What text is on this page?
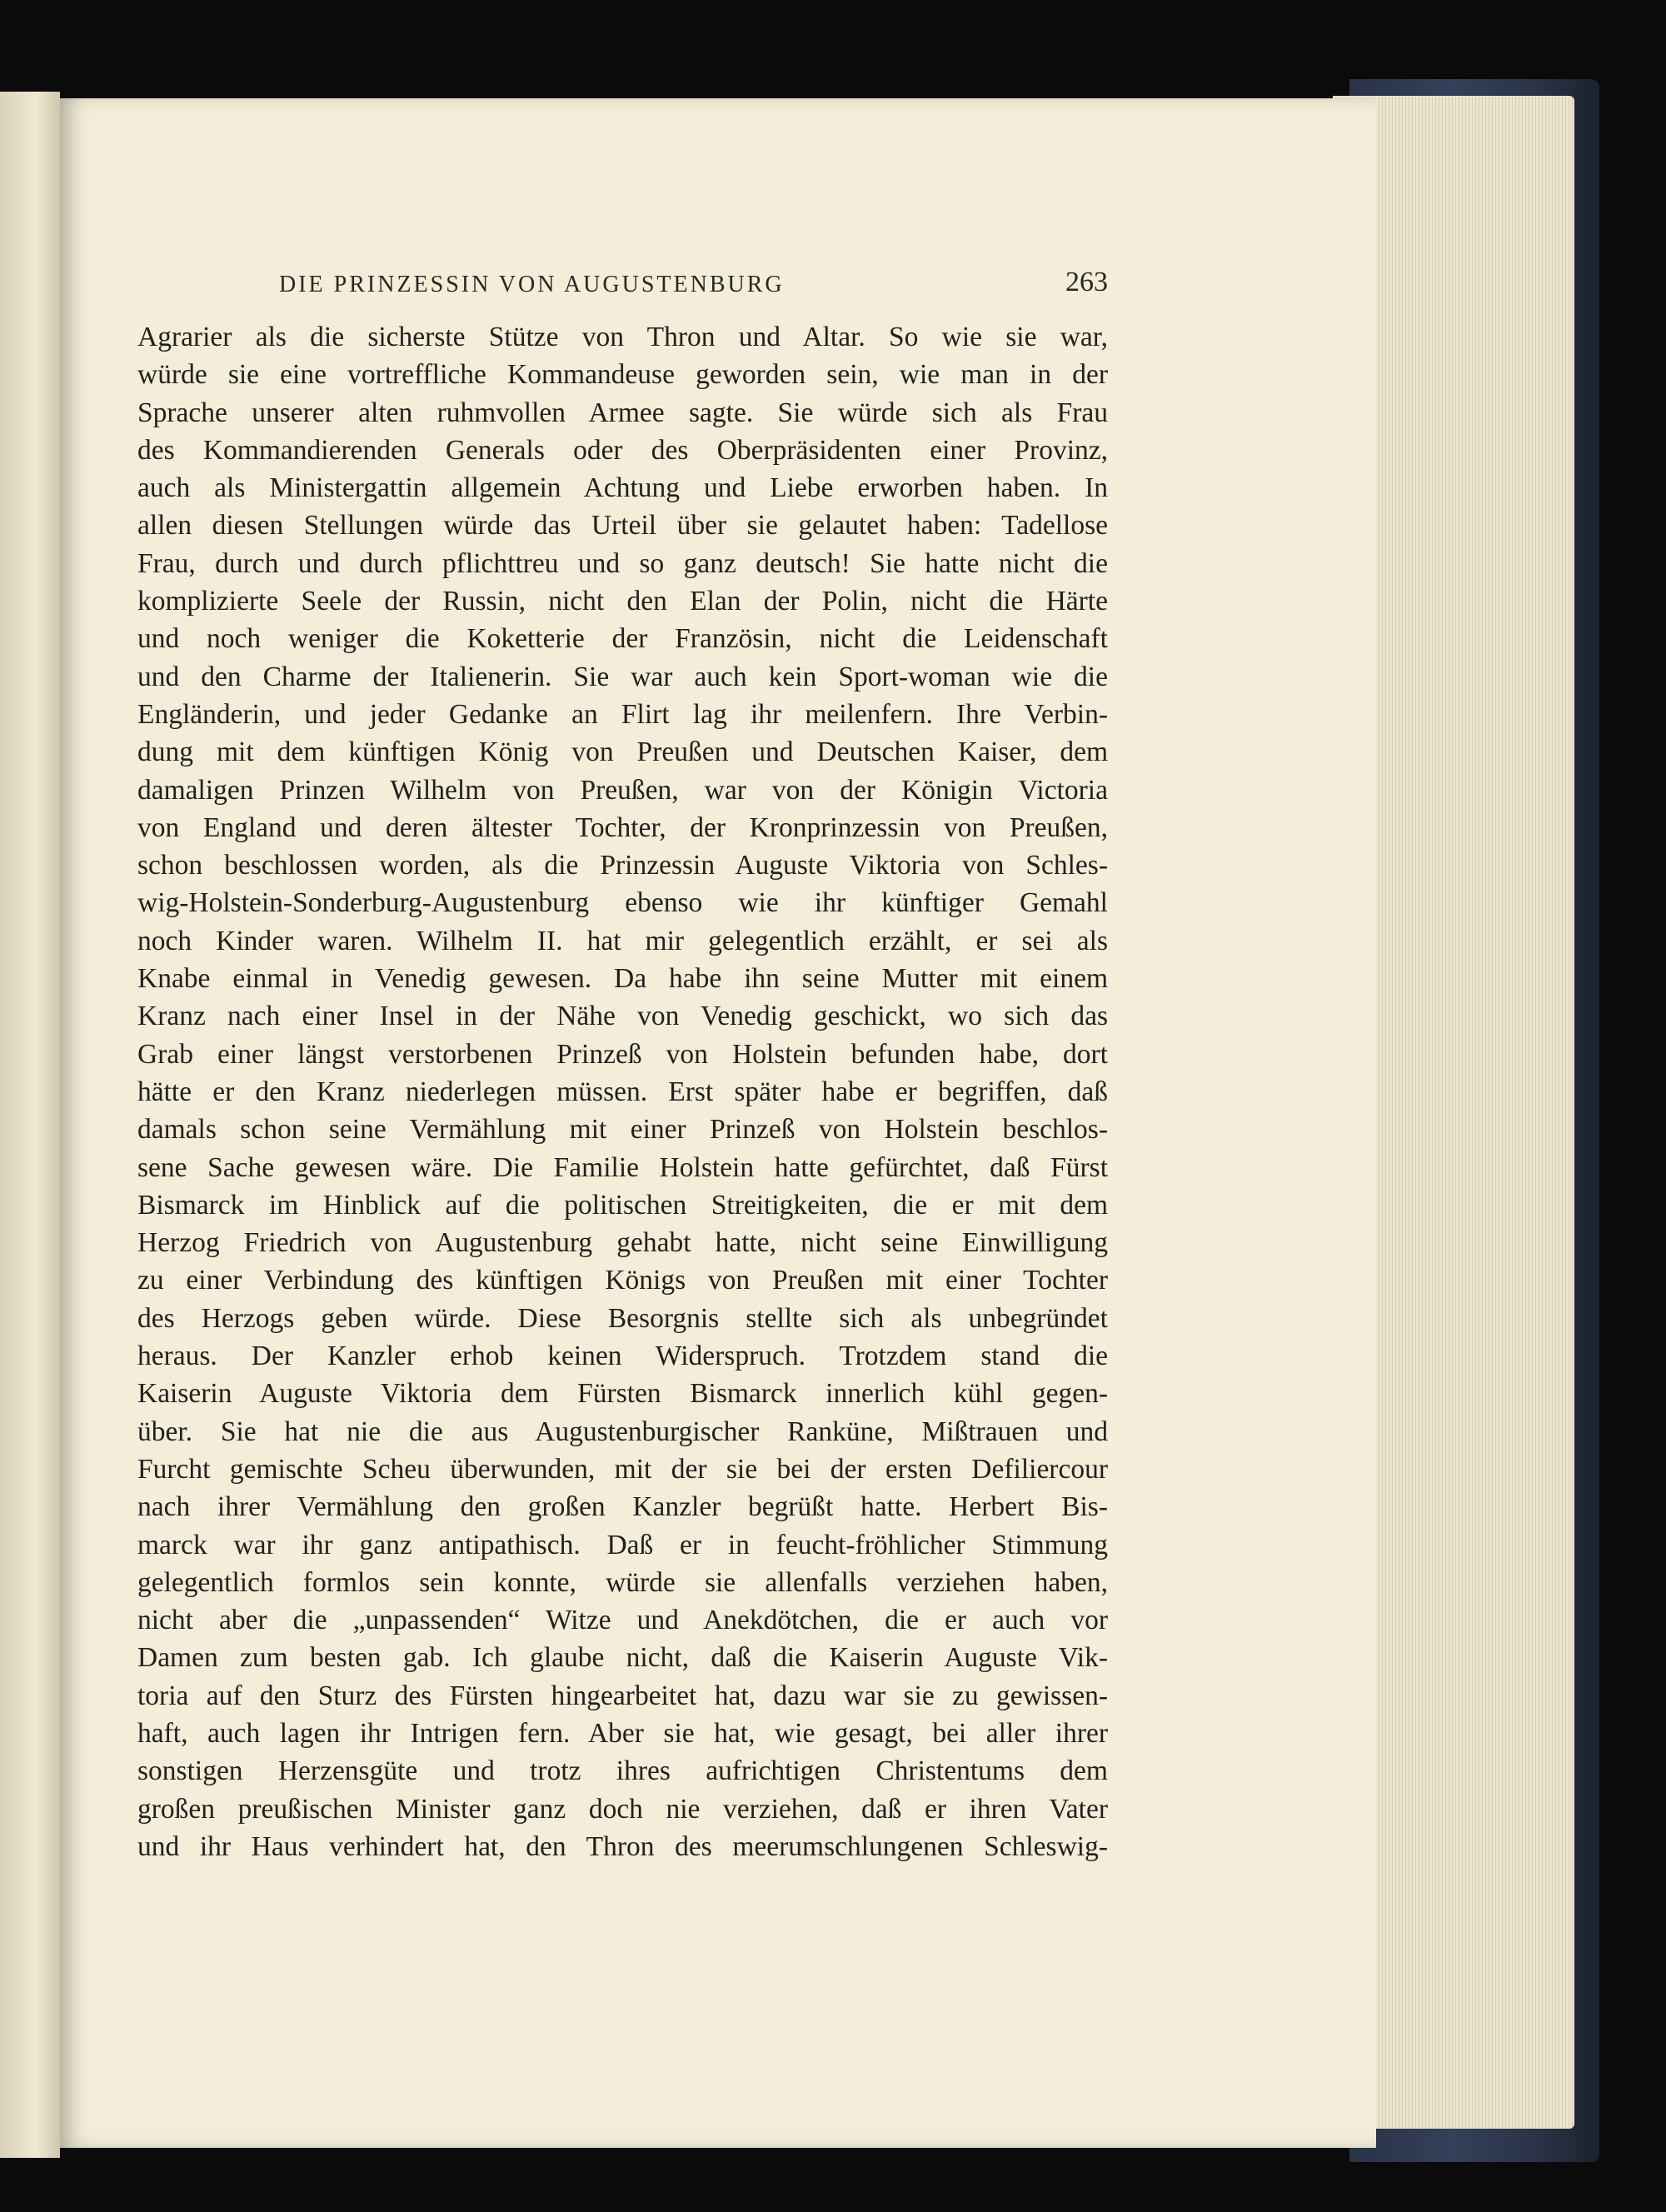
DIE PRINZESSIN VON AUGUSTENBURG	263
Agrarier als die sicherste Stütze von Thron und Altar. So wie sie war,
würde sie eine vortreffliche Kommandeuse geworden sein, wie man in der
Sprache unserer alten ruhmvollen Armee sagte. Sie würde sich als Frau
des Kommandierenden Generals oder des Oberpräsidenten einer Provinz,
auch als Ministergattin allgemein Achtung und Liebe erworben haben. In
allen diesen Stellungen würde das Urteil über sie gelautet haben: Tadellose
Frau, durch und durch pflichttreu und so ganz deutsch! Sie hatte nicht die
komplizierte Seele der Russin, nicht den Elan der Polin, nicht die Härte
und noch weniger die Koketterie der Französin, nicht die Leidenschaft
und den Charme der Italienerin. Sie war auch kein Sport-woman wie die
Engländerin, und jeder Gedanke an Flirt lag ihr meilenfern. Ihre Verbin-
dung mit dem künftigen König von Preußen und Deutschen Kaiser, dem
damaligen Prinzen Wilhelm von Preußen, war von der Königin Victoria
von England und deren ältester Tochter, der Kronprinzessin von Preußen,
schon beschlossen worden, als die Prinzessin Auguste Viktoria von Schles-
wig-Holstein-Sonderburg-Augustenburg ebenso wie ihr künftiger Gemahl
noch Kinder waren. Wilhelm II. hat mir gelegentlich erzählt, er sei als
Knabe einmal in Venedig gewesen. Da habe ihn seine Mutter mit einem
Kranz nach einer Insel in der Nähe von Venedig geschickt, wo sich das
Grab einer längst verstorbenen Prinzeß von Holstein befunden habe, dort
hätte er den Kranz niederlegen müssen. Erst später habe er begriffen, daß
damals schon seine Vermählung mit einer Prinzeß von Holstein beschlos-
sene Sache gewesen wäre. Die Familie Holstein hatte gefürchtet, daß Fürst
Bismarck im Hinblick auf die politischen Streitigkeiten, die er mit dem
Herzog Friedrich von Augustenburg gehabt hatte, nicht seine Einwilligung
zu einer Verbindung des künftigen Königs von Preußen mit einer Tochter
des Herzogs geben würde. Diese Besorgnis stellte sich als unbegründet
heraus. Der Kanzler erhob keinen Widerspruch. Trotzdem stand die
Kaiserin Auguste Viktoria dem Fürsten Bismarck innerlich kühl gegen-
über. Sie hat nie die aus Augustenburgischer Rankünе, Mißtrauen und
Furcht gemischte Scheu überwunden, mit der sie bei der ersten Defiliercour
nach ihrer Vermählung den großen Kanzler begrüßt hatte. Herbert Bis-
marck war ihr ganz antipathisch. Daß er in feucht-fröhlicher Stimmung
gelegentlich formlos sein konnte, würde sie allenfalls verziehen haben,
nicht aber die „unpassenden“ Witze und Anekdötchen, die er auch vor
Damen zum besten gab. Ich glaube nicht, daß die Kaiserin Auguste Vik-
toria auf den Sturz des Fürsten hingearbeitet hat, dazu war sie zu gewissen-
haft, auch lagen ihr Intrigen fern. Aber sie hat, wie gesagt, bei aller ihrer
sonstigen Herzensgüte und trotz ihres aufrichtigen Christentums dem
großen preußischen Minister ganz doch nie verziehen, daß er ihren Vater
und ihr Haus verhindert hat, den Thron des meerumschlungenen Schleswig-
